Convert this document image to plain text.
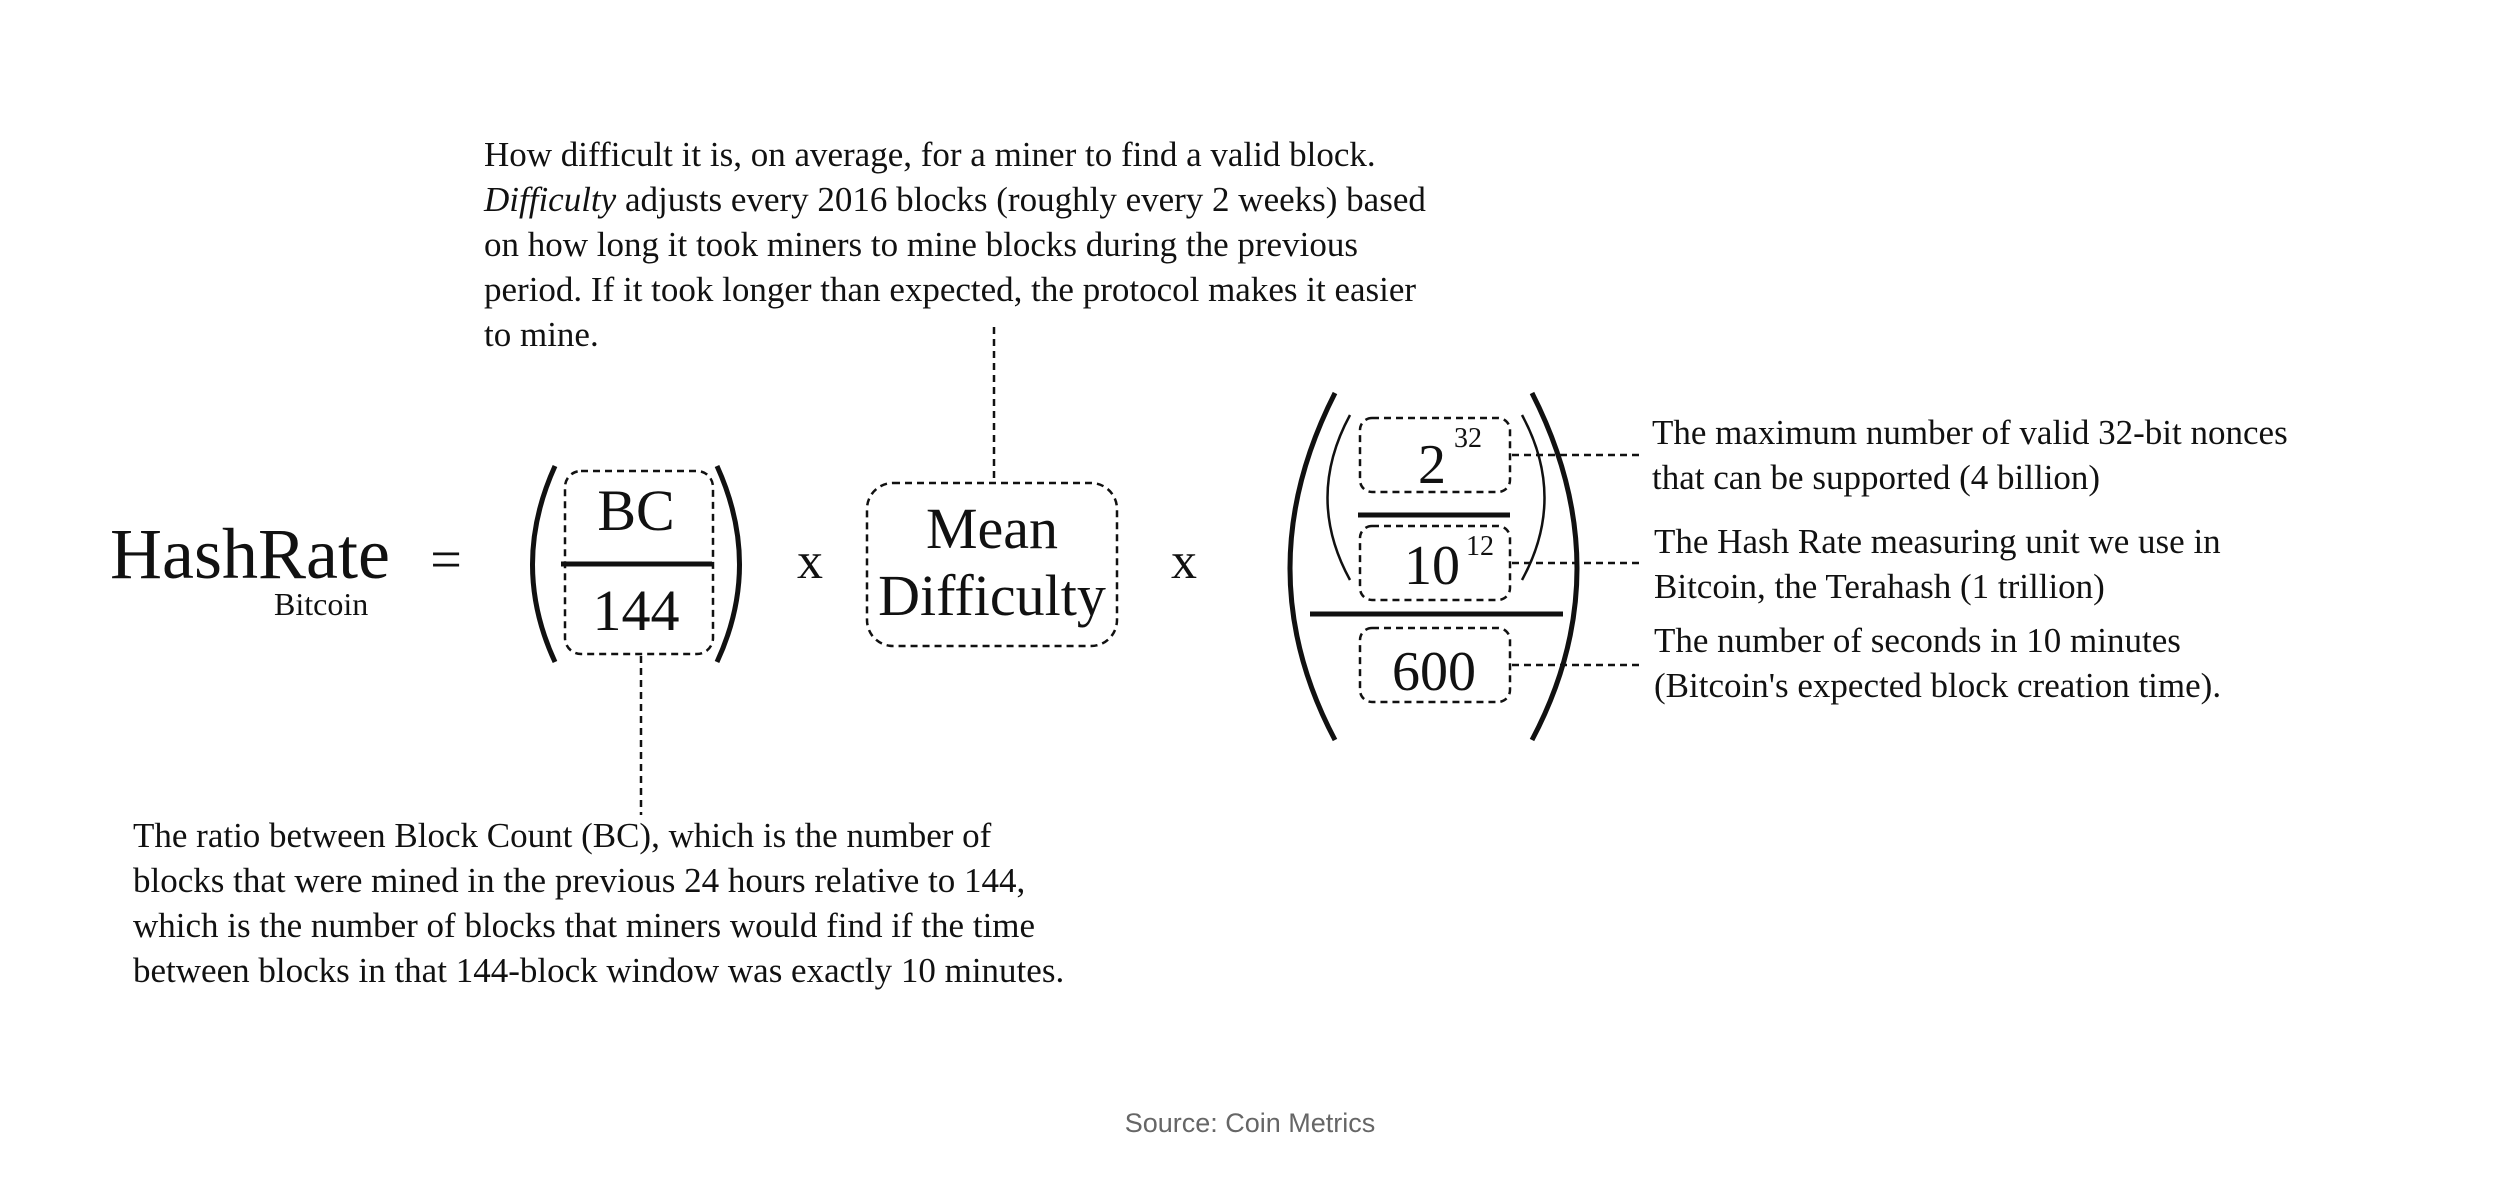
HashRate
Bitcoin
=
BC
144
x
Mean
Difficulty
x
2 32
10 12
600
How difficult it is, on average, for a miner to find a valid block.
Difficulty adjusts every 2016 blocks (roughly every 2 weeks) based
on how long it took miners to mine blocks during the previous
period. If it took longer than expected, the protocol makes it easier
to mine.
The ratio between Block Count (BC), which is the number of
blocks that were mined in the previous 24 hours relative to 144,
which is the number of blocks that miners would find if the time
between blocks in that 144-block window was exactly 10 minutes.
The maximum number of valid 32-bit nonces
that can be supported (4 billion)
The Hash Rate measuring unit we use in
Bitcoin, the Terahash (1 trillion)
The number of seconds in 10 minutes
(Bitcoin's expected block creation time).
Source: Coin Metrics
